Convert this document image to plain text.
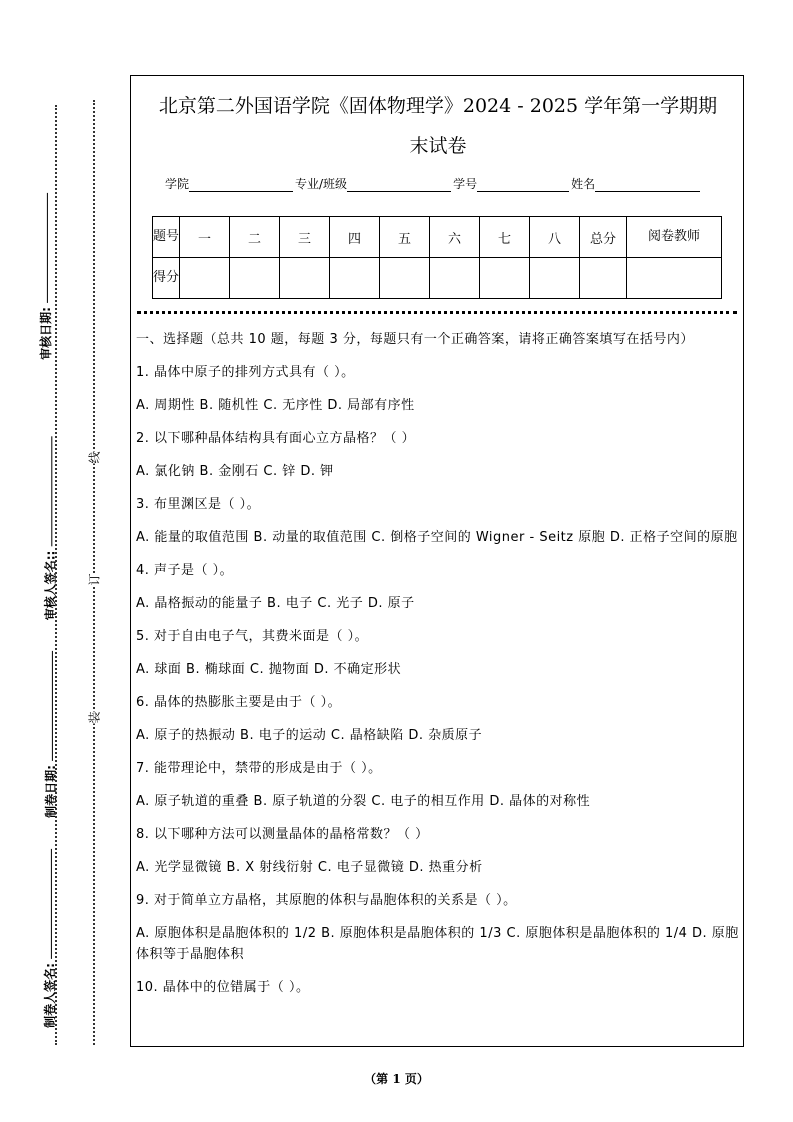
审核日期:
审核人签名::
制卷日期:
制卷人签名:
线
订
装
北京第二外国语学院《固体物理学》2024 - 2025 学年第一学期期
末试卷
学院	专业/班级	学号	姓名
题号	一	二	三	四	五	六	七	八	总分	阅卷教师
得分										

一、选择题（总共 10 题，每题 3 分，每题只有一个正确答案，请将正确答案填写在括号内）

1. 晶体中原子的排列方式具有（ ）。

A. 周期性 B. 随机性 C. 无序性 D. 局部有序性

2. 以下哪种晶体结构具有面心立方晶格？（ ）

A. 氯化钠 B. 金刚石 C. 锌 D. 钾

3. 布里渊区是（ ）。

A. 能量的取值范围 B. 动量的取值范围 C. 倒格子空间的 Wigner - Seitz 原胞 D. 正格子空间的原胞

4. 声子是（ ）。

A. 晶格振动的能量子 B. 电子 C. 光子 D. 原子

5. 对于自由电子气，其费米面是（ ）。

A. 球面 B. 椭球面 C. 抛物面 D. 不确定形状

6. 晶体的热膨胀主要是由于（ ）。

A. 原子的热振动 B. 电子的运动 C. 晶格缺陷 D. 杂质原子

7. 能带理论中，禁带的形成是由于（ ）。

A. 原子轨道的重叠 B. 原子轨道的分裂 C. 电子的相互作用 D. 晶体的对称性

8. 以下哪种方法可以测量晶体的晶格常数？（ ）

A. 光学显微镜 B. X 射线衍射 C. 电子显微镜 D. 热重分析

9. 对于简单立方晶格，其原胞的体积与晶胞体积的关系是（ ）。

A. 原胞体积是晶胞体积的 1/2 B. 原胞体积是晶胞体积的 1/3 C. 原胞体积是晶胞体积的 1/4 D. 原胞体积等于晶胞体积

10. 晶体中的位错属于（ ）。

（第 1 页）
